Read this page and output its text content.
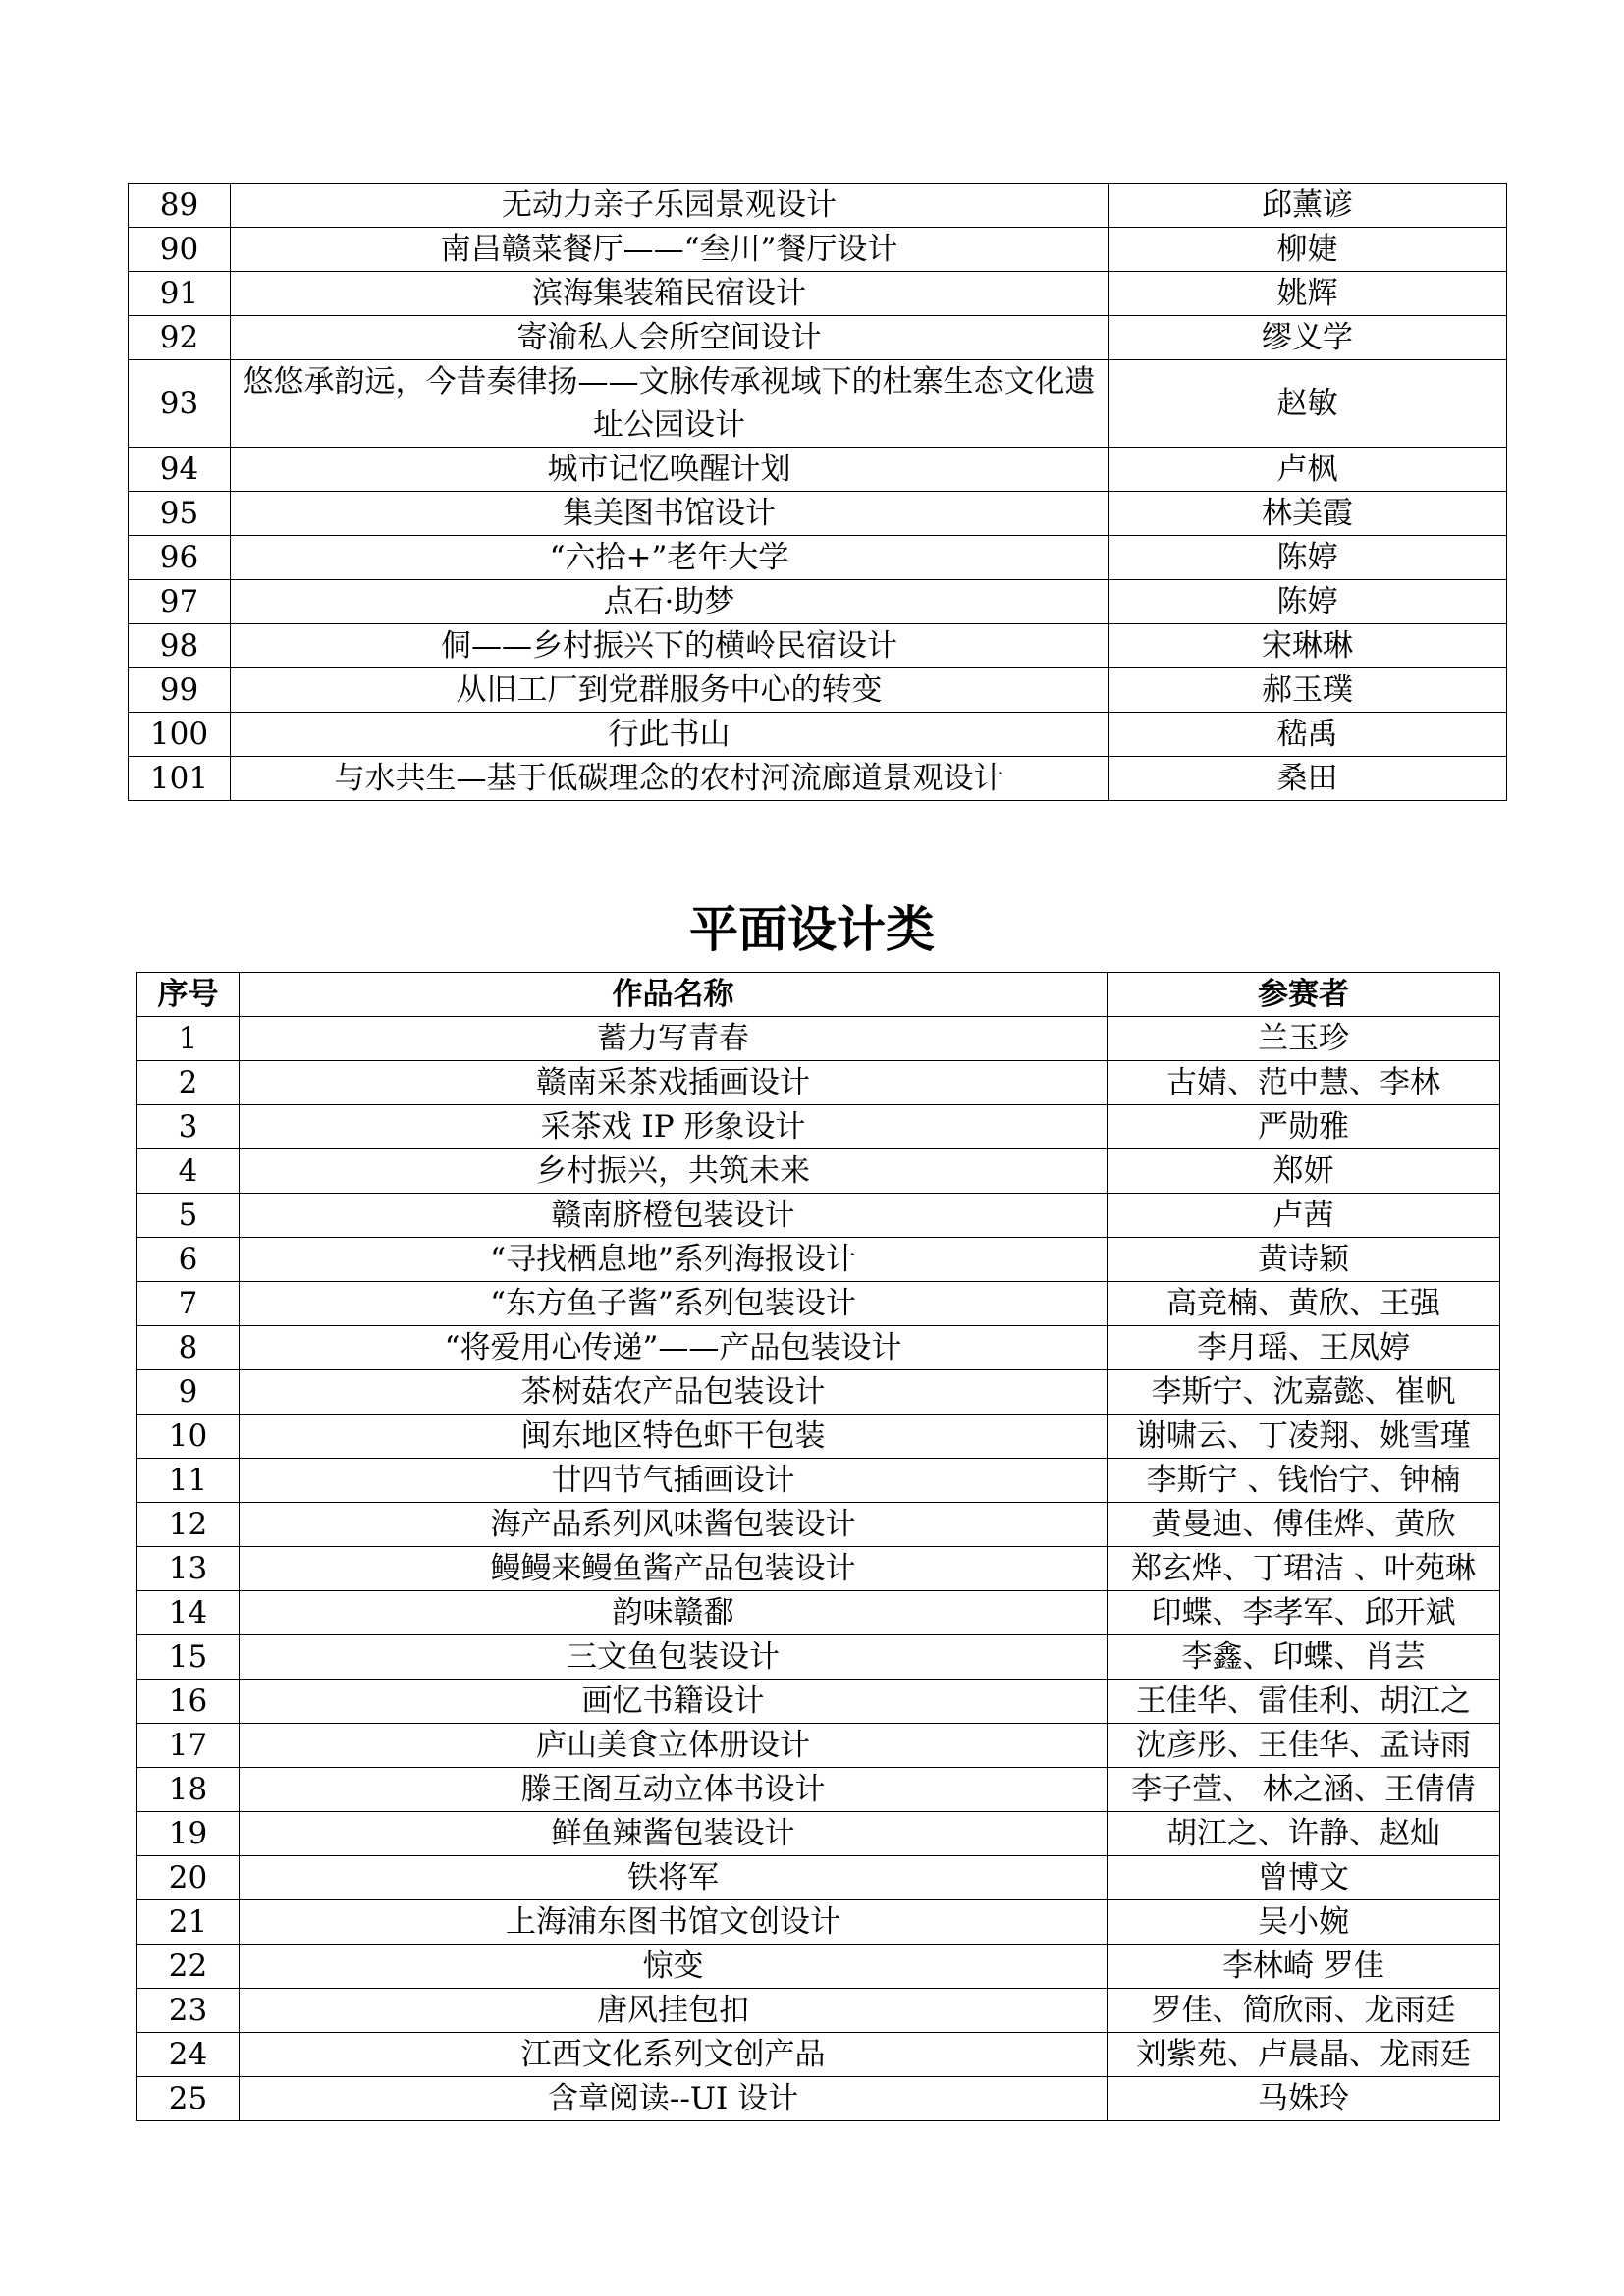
89	无动力亲子乐园景观设计	邱薰谚
90	南昌赣菜餐厅——“叁川”餐厅设计	柳婕
91	滨海集装箱民宿设计	姚辉
92	寄渝私人会所空间设计	缪义学
93	悠悠承韵远，今昔奏律扬——文脉传承视域下的杜寨生态文化遗址公园设计	赵敏
94	城市记忆唤醒计划	卢枫
95	集美图书馆设计	林美霞
96	“六拾+”老年大学	陈婷
97	点石·助梦	陈婷
98	侗——乡村振兴下的横岭民宿设计	宋琳琳
99	从旧工厂到党群服务中心的转变	郝玉璞
100	行此书山	嵇禹
101	与水共生—基于低碳理念的农村河流廊道景观设计	桑田
平面设计类
序号	作品名称	参赛者
1	蓄力写青春	兰玉珍
2	赣南采茶戏插画设计	古婧、范中慧、李林
3	采茶戏 IP 形象设计	严勋雅
4	乡村振兴，共筑未来	郑妍
5	赣南脐橙包装设计	卢茜
6	“寻找栖息地”系列海报设计	黄诗颖
7	“东方鱼子酱”系列包装设计	高竞楠、黄欣、王强
8	“将爱用心传递”——产品包装设计	李月瑶、王凤婷
9	茶树菇农产品包装设计	李斯宁、沈嘉懿、崔帆
10	闽东地区特色虾干包装	谢啸云、丁凌翔、姚雪瑾
11	廿四节气插画设计	李斯宁 、钱怡宁、钟楠
12	海产品系列风味酱包装设计	黄曼迪、傅佳烨、黄欣
13	鳗鳗来鳗鱼酱产品包装设计	郑玄烨、丁珺洁 、叶苑琳
14	韵味赣鄱	印蝶、李孝军、邱开斌
15	三文鱼包装设计	李鑫、印蝶、肖芸
16	画忆书籍设计	王佳华、雷佳利、胡江之
17	庐山美食立体册设计	沈彦彤、王佳华、孟诗雨
18	滕王阁互动立体书设计	李子萱、 林之涵、王倩倩
19	鲜鱼辣酱包装设计	胡江之、许静、赵灿
20	铁将军	曾博文
21	上海浦东图书馆文创设计	吴小婉
22	惊变	李林崎 罗佳
23	唐风挂包扣	罗佳、简欣雨、龙雨廷
24	江西文化系列文创产品	刘紫苑、卢晨晶、龙雨廷
25	含章阅读--UI 设计	马姝玲
